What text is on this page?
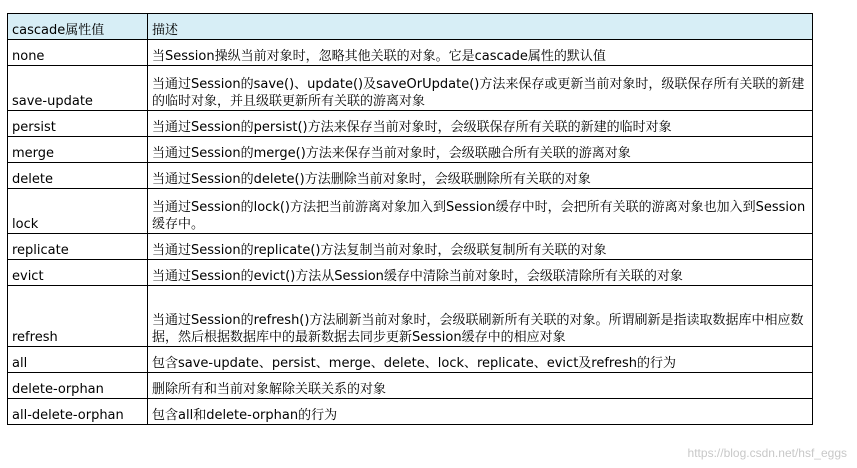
cascade属性值	描述
none	当Session操纵当前对象时，忽略其他关联的对象。它是cascade属性的默认值
save-update	当通过Session的save()、update()及saveOrUpdate()方法来保存或更新当前对象时，级联保存所有关联的新建的临时对象，并且级联更新所有关联的游离对象
persist	当通过Session的persist()方法来保存当前对象时，会级联保存所有关联的新建的临时对象
merge	当通过Session的merge()方法来保存当前对象时，会级联融合所有关联的游离对象
delete	当通过Session的delete()方法删除当前对象时，会级联删除所有关联的对象
lock	当通过Session的lock()方法把当前游离对象加入到Session缓存中时，会把所有关联的游离对象也加入到Session缓存中。
replicate	当通过Session的replicate()方法复制当前对象时，会级联复制所有关联的对象
evict	当通过Session的evict()方法从Session缓存中清除当前对象时，会级联清除所有关联的对象
refresh	当通过Session的refresh()方法刷新当前对象时，会级联刷新所有关联的对象。所谓刷新是指读取数据库中相应数据，然后根据数据库中的最新数据去同步更新Session缓存中的相应对象
all	包含save-update、persist、merge、delete、lock、replicate、evict及refresh的行为
delete-orphan	删除所有和当前对象解除关联关系的对象
all-delete-orphan	包含all和delete-orphan的行为
https://blog.csdn.net/hsf_eggs
